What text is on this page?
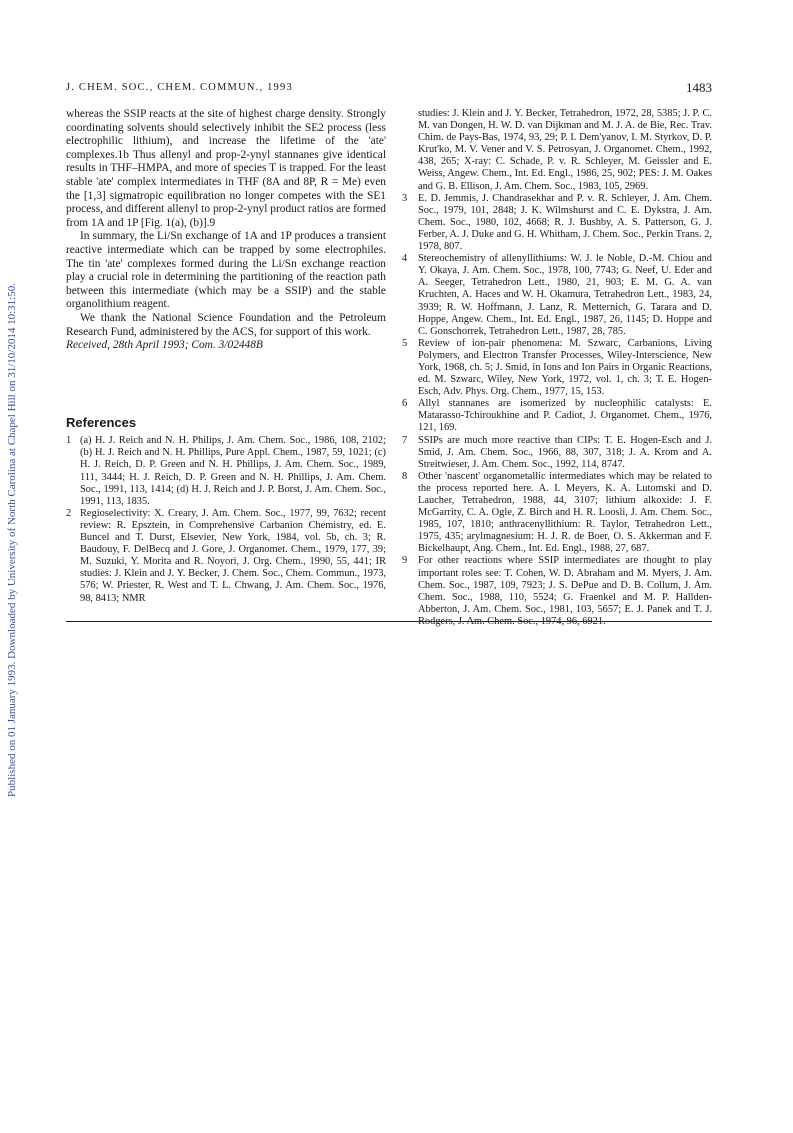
Published on 01 January 1993. Downloaded by University of North Carolina at Chapel Hill on 31/10/2014 10:31:50.
J. CHEM. SOC., CHEM. COMMUN., 1993	1483

whereas the SSIP reacts at the site of highest charge density. Strongly coordinating solvents should selectively inhibit the SE2 process (less electrophilic lithium), and increase the lifetime of the 'ate' complexes.1b Thus allenyl and prop-2-ynyl stannanes give identical results in THF–HMPA, and more of species T is trapped. For the least stable 'ate' complex intermediates in THF (8A and 8P, R = Me) even the [1,3] sigmatropic equilibration no longer competes with the SE1 process, and different allenyl to prop-2-ynyl product ratios are formed from 1A and 1P [Fig. 1(a), (b)].9

In summary, the Li/Sn exchange of 1A and 1P produces a transient reactive intermediate which can be trapped by some electrophiles. The tin 'ate' complexes formed during the Li/Sn exchange reaction play a crucial role in determining the partitioning of the reaction path between this intermediate (which may be a SSIP) and the stable organolithium reagent.

We thank the National Science Foundation and the Petroleum Research Fund, administered by the ACS, for support of this work.

Received, 28th April 1993; Com. 3/02448B

References
1 (a) H. J. Reich and N. H. Philips, J. Am. Chem. Soc., 1986, 108, 2102; (b) H. J. Reich and N. H. Phillips, Pure Appl. Chem., 1987, 59, 1021; (c) H. J. Reich, D. P. Green and N. H. Phillips, J. Am. Chem. Soc., 1989, 111, 3444; H. J. Reich, D. P. Green and N. H. Phillips, J. Am. Chem. Soc., 1991, 113, 1414; (d) H. J. Reich and J. P. Borst, J. Am. Chem. Soc., 1991, 113, 1835.
2 Regioselectivity: X. Creary, J. Am. Chem. Soc., 1977, 99, 7632; recent review: R. Epsztein, in Comprehensive Carbanion Chemistry, ed. E. Buncel and T. Durst, Elsevier, New York, 1984, vol. 5b, ch. 3; R. Baudouy, F. DelBecq and J. Gore, J. Organomet. Chem., 1979, 177, 39; M. Suzuki, Y. Morita and R. Noyori, J. Org. Chem., 1990, 55, 441; IR studies: J. Klein and J. Y. Becker, J. Chem. Soc., Chem. Commun., 1973, 576; W. Priester, R. West and T. L. Chwang, J. Am. Chem. Soc., 1976, 98, 8413; NMR
studies: J. Klein and J. Y. Becker, Tetrahedron, 1972, 28, 5385; J. P. C. M. van Dongen, H. W. D. van Dijkman and M. J. A. de Bie, Rec. Trav. Chim. de Pays-Bas, 1974, 93, 29; P. I. Dem'yanov, I. M. Styrkov, D. P. Krut'ko, M. V. Vener and V. S. Petrosyan, J. Organomet. Chem., 1992, 438, 265; X-ray: C. Schade, P. v. R. Schleyer, M. Geissler and E. Weiss, Angew. Chem., Int. Ed. Engl., 1986, 25, 902; PES: J. M. Oakes and G. B. Ellison, J. Am. Chem. Soc., 1983, 105, 2969.
3 E. D. Jemmis, J. Chandrasekhar and P. v. R. Schleyer, J. Am. Chem. Soc., 1979, 101, 2848; J. K. Wilmshurst and C. E. Dykstra, J. Am. Chem. Soc., 1980, 102, 4668; R. J. Bushby, A. S. Patterson, G. J. Ferber, A. J. Duke and G. H. Whitham, J. Chem. Soc., Perkin Trans. 2, 1978, 807.
4 Stereochemistry of allenyllithiums: W. J. le Noble, D.-M. Chiou and Y. Okaya, J. Am. Chem. Soc., 1978, 100, 7743; G. Neef, U. Eder and A. Seeger, Tetrahedron Lett., 1980, 21, 903; E. M. G. A. van Kruchten, A. Haces and W. H. Okamura, Tetrahedron Lett., 1983, 24, 3939; R. W. Hoffmann, J. Lanz, R. Metternich, G. Tarara and D. Hoppe, Angew. Chem., Int. Ed. Engl., 1987, 26, 1145; D. Hoppe and C. Gonschorrek, Tetrahedron Lett., 1987, 28, 785.
5 Review of ion-pair phenomena: M. Szwarc, Carbanions, Living Polymers, and Electron Transfer Processes, Wiley-Interscience, New York, 1968, ch. 5; J. Smid, in Ions and Ion Pairs in Organic Reactions, ed. M. Szwarc, Wiley, New York, 1972, vol. 1, ch. 3; T. E. Hogen-Esch, Adv. Phys. Org. Chem., 1977, 15, 153.
6 Allyl stannanes are isomerized by nucleophilic catalysts: E. Matarasso-Tchiroukhine and P. Cadiot, J. Organomet. Chem., 1976, 121, 169.
7 SSIPs are much more reactive than CIPs: T. E. Hogen-Esch and J. Smid, J. Am. Chem. Soc., 1966, 88, 307, 318; J. A. Krom and A. Streitwieser, J. Am. Chem. Soc., 1992, 114, 8747.
8 Other 'nascent' organometallic intermediates which may be related to the process reported here. A. I. Meyers, K. A. Lutomski and D. Laucher, Tetrahedron, 1988, 44, 3107; lithium alkoxide: J. F. McGarrity, C. A. Ogle, Z. Birch and H. R. Loosli, J. Am. Chem. Soc., 1985, 107, 1810; anthracenyllithium: R. Taylor, Tetrahedron Lett., 1975, 435; arylmagnesium: H. J. R. de Boer, O. S. Akkerman and F. Bickelhaupt, Ang. Chem., Int. Ed. Engl., 1988, 27, 687.
9 For other reactions where SSIP intermediates are thought to play important roles see: T. Cohen, W. D. Abraham and M. Myers, J. Am. Chem. Soc., 1987, 109, 7923; J. S. DePue and D. B. Collum, J. Am. Chem. Soc., 1988, 110, 5524; G. Fraenkel and M. P. Hallden-Abberton, J. Am. Chem. Soc., 1981, 103, 5657; E. J. Panek and T. J. Rodgers, J. Am. Chem. Soc., 1974, 96, 6921.
